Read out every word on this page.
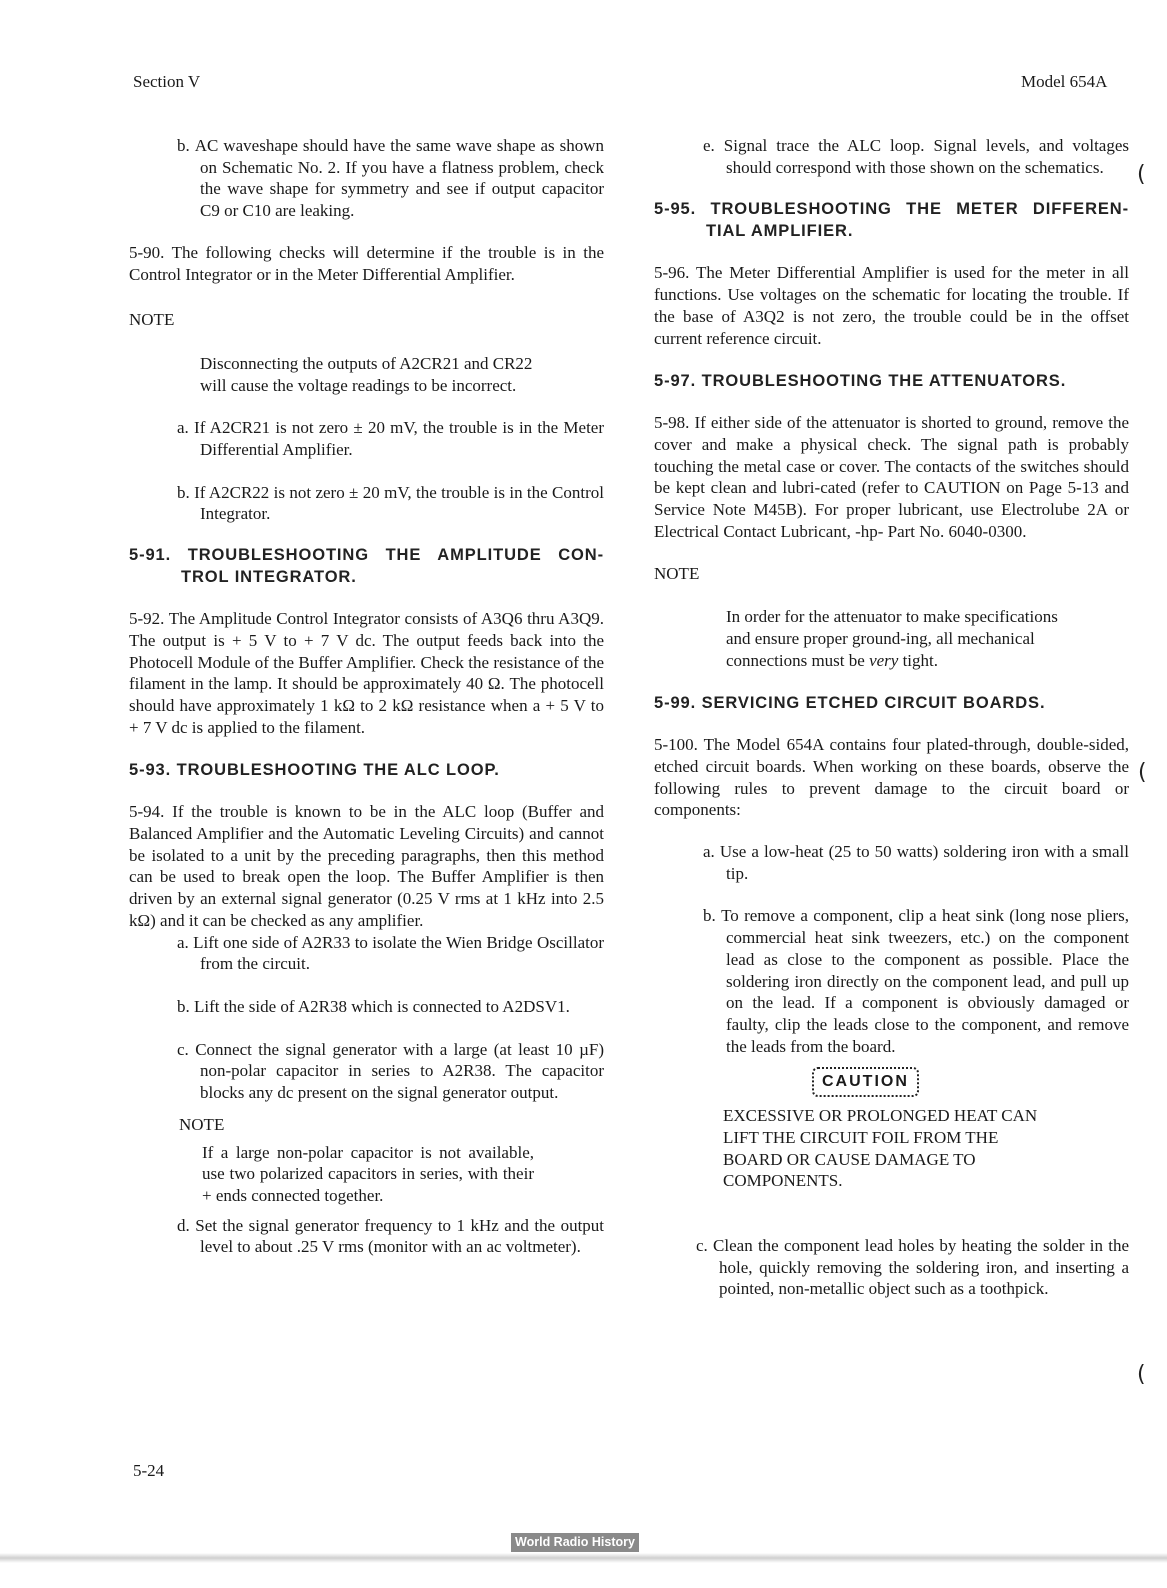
Section V	Model 654A

b. AC waveshape should have the same wave shape as shown on Schematic No. 2. If you have a flatness problem, check the wave shape for symmetry and see if output capacitor C9 or C10 are leaking.

5-90. The following checks will determine if the trouble is in the Control Integrator or in the Meter Differential Amplifier.

NOTE

Disconnecting the outputs of A2CR21 and CR22 will cause the voltage readings to be incorrect.

a. If A2CR21 is not zero ± 20 mV, the trouble is in the Meter Differential Amplifier.

b. If A2CR22 is not zero ± 20 mV, the trouble is in the Control Integrator.

5-91. TROUBLESHOOTING THE AMPLITUDE CON-TROL INTEGRATOR.

5-92. The Amplitude Control Integrator consists of A3Q6 thru A3Q9. The output is + 5 V to + 7 V dc. The output feeds back into the Photocell Module of the Buffer Amplifier. Check the resistance of the filament in the lamp. It should be approximately 40 Ω. The photocell should have approximately 1 kΩ to 2 kΩ resistance when a + 5 V to + 7 V dc is applied to the filament.

5-93. TROUBLESHOOTING THE ALC LOOP.

5-94. If the trouble is known to be in the ALC loop (Buffer and Balanced Amplifier and the Automatic Leveling Circuits) and cannot be isolated to a unit by the preceding paragraphs, then this method can be used to break open the loop. The Buffer Amplifier is then driven by an external signal generator (0.25 V rms at 1 kHz into 2.5 kΩ) and it can be checked as any amplifier.

a. Lift one side of A2R33 to isolate the Wien Bridge Oscillator from the circuit.

b. Lift the side of A2R38 which is connected to A2DSV1.

c. Connect the signal generator with a large (at least 10 µF) non-polar capacitor in series to A2R38. The capacitor blocks any dc present on the signal generator output.

NOTE

If a large non-polar capacitor is not available, use two polarized capacitors in series, with their + ends connected together.

d. Set the signal generator frequency to 1 kHz and the output level to about .25 V rms (monitor with an ac voltmeter).

5-24

e. Signal trace the ALC loop. Signal levels, and voltages should correspond with those shown on the schematics.

5-95. TROUBLESHOOTING THE METER DIFFEREN-TIAL AMPLIFIER.

5-96. The Meter Differential Amplifier is used for the meter in all functions. Use voltages on the schematic for locating the trouble. If the base of A3Q2 is not zero, the trouble could be in the offset current reference circuit.

5-97. TROUBLESHOOTING THE ATTENUATORS.

5-98. If either side of the attenuator is shorted to ground, remove the cover and make a physical check. The signal path is probably touching the metal case or cover. The contacts of the switches should be kept clean and lubri-cated (refer to CAUTION on Page 5-13 and Service Note M45B). For proper lubricant, use Electrolube 2A or Electrical Contact Lubricant, -hp- Part No. 6040-0300.

NOTE

In order for the attenuator to make specifications and ensure proper ground-ing, all mechanical connections must be very tight.

5-99. SERVICING ETCHED CIRCUIT BOARDS.

5-100. The Model 654A contains four plated-through, double-sided, etched circuit boards. When working on these boards, observe the following rules to prevent damage to the circuit board or components:

a. Use a low-heat (25 to 50 watts) soldering iron with a small tip.

b. To remove a component, clip a heat sink (long nose pliers, commercial heat sink tweezers, etc.) on the component lead as close to the component as possible. Place the soldering iron directly on the component lead, and pull up on the lead. If a component is obviously damaged or faulty, clip the leads close to the component, and remove the leads from the board.

CAUTION

EXCESSIVE OR PROLONGED HEAT CAN LIFT THE CIRCUIT FOIL FROM THE BOARD OR CAUSE DAMAGE TO COMPONENTS.

c. Clean the component lead holes by heating the solder in the hole, quickly removing the soldering iron, and inserting a pointed, non-metallic object such as a toothpick.

(
(
(
World Radio History
